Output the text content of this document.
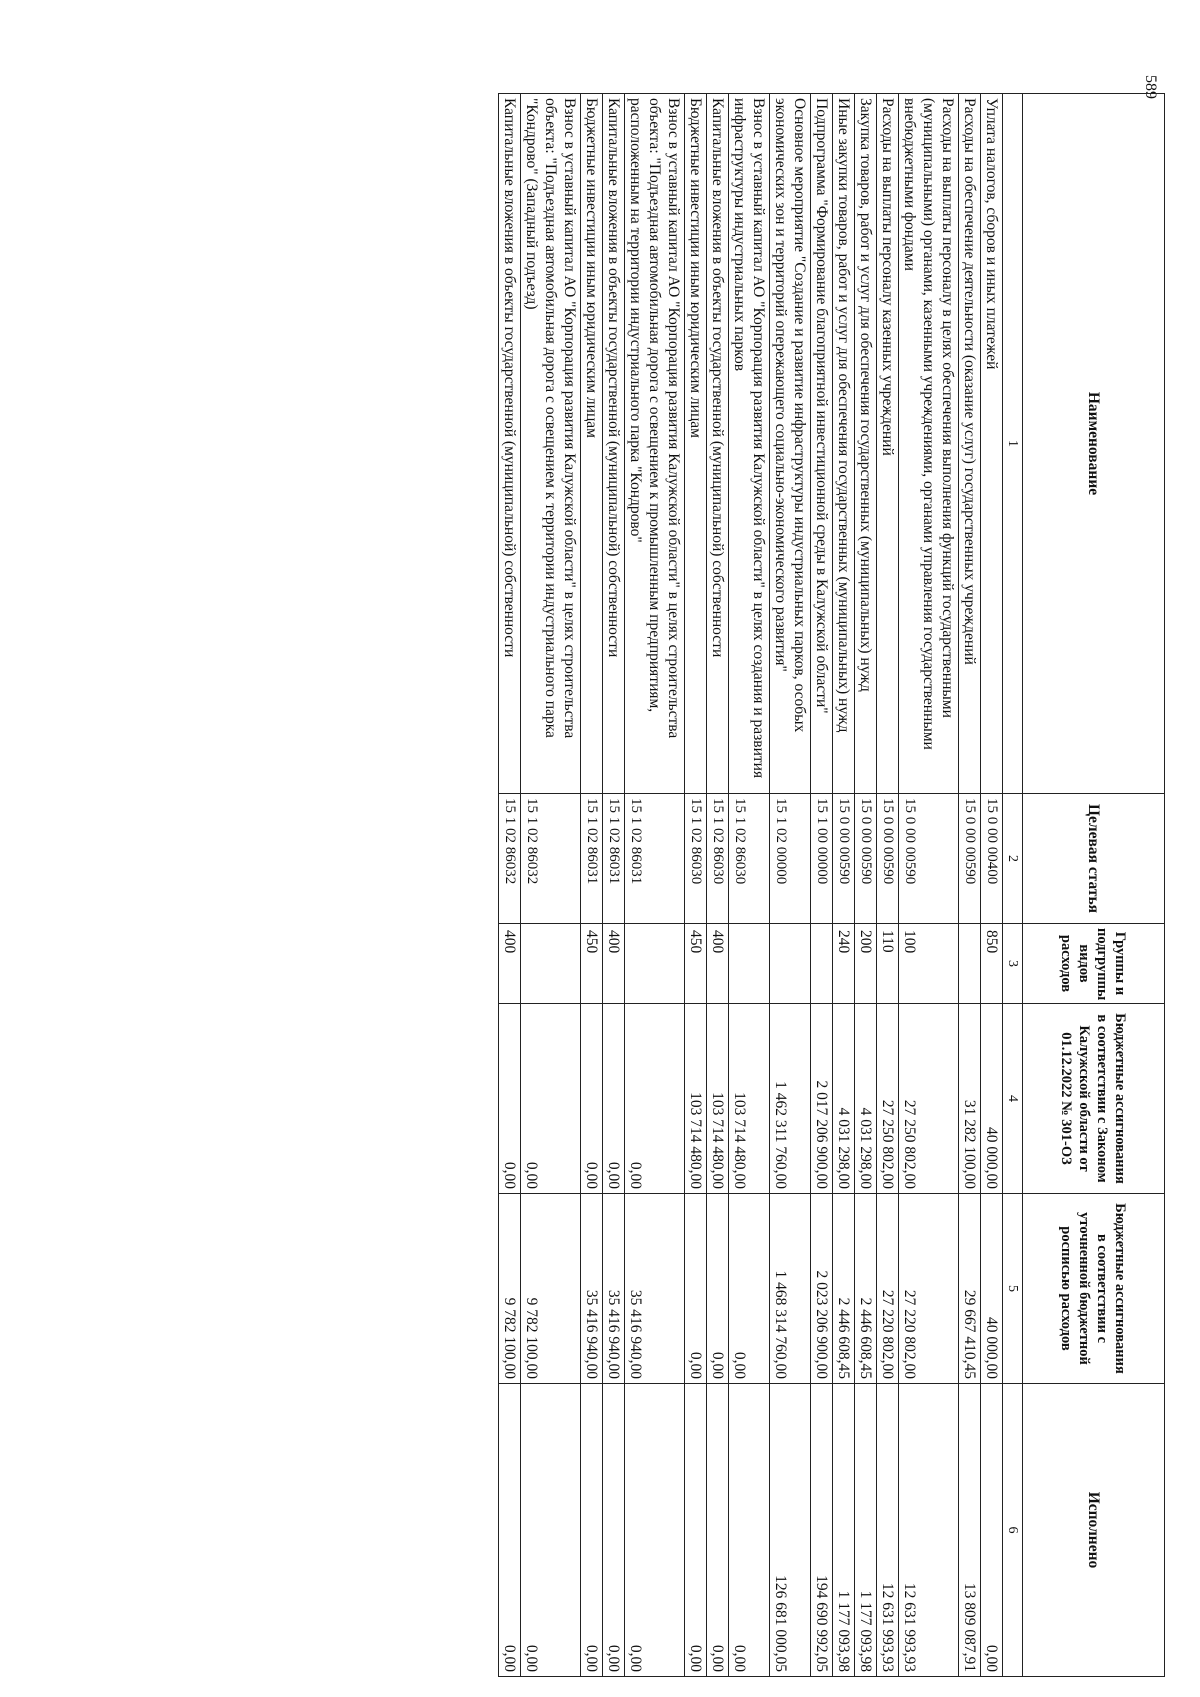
589
Наименование	Целевая статья	Группы и подгруппы видов расходов	Бюджетные ассигнования в соответствии с Законом Калужской области от 01.12.2022 № 301-ОЗ	Бюджетные ассигнования в соответствии с уточненной бюджетной росписью расходов	Исполнено
1	2	3	4	5	6
Уплата налогов, сборов и иных платежей	15 0 00 00400	850	40 000,00	40 000,00	0,00
Расходы на обеспечение деятельности (оказание услуг) государственных учреждений	15 0 00 00590		31 282 100,00	29 667 410,45	13 809 087,91
Расходы на выплаты персоналу в целях обеспечения выполнения функций государственными (муниципальными) органами, казенными учреждениями, органами управления государственными внебюджетными фондами	15 0 00 00590	100	27 250 802,00	27 220 802,00	12 631 993,93
Расходы на выплаты персоналу казенных учреждений	15 0 00 00590	110	27 250 802,00	27 220 802,00	12 631 993,93
Закупка товаров, работ и услуг для обеспечения государственных (муниципальных) нужд	15 0 00 00590	200	4 031 298,00	2 446 608,45	1 177 093,98
Иные закупки товаров, работ и услуг для обеспечения государственных (муниципальных) нужд	15 0 00 00590	240	4 031 298,00	2 446 608,45	1 177 093,98
Подпрограмма "Формирование благоприятной инвестиционной среды в Калужской области"	15 1 00 00000		2 017 206 900,00	2 023 206 900,00	194 690 992,05
Основное мероприятие "Создание и развитие инфраструктуры индустриальных парков, особых экономических зон и территорий опережающего социально-экономического развития"	15 1 02 00000		1 462 311 760,00	1 468 314 760,00	126 681 000,05
Взнос в уставный капитал АО "Корпорация развития Калужской области" в целях создания и развития инфраструктуры индустриальных парков	15 1 02 86030		103 714 480,00	0,00	0,00
Капитальные вложения в объекты государственной (муниципальной) собственности	15 1 02 86030	400	103 714 480,00	0,00	0,00
Бюджетные инвестиции иным юридическим лицам	15 1 02 86030	450	103 714 480,00	0,00	0,00
Взнос в уставный капитал АО "Корпорация развития Калужской области" в целях строительства объекта: "Подъездная автомобильная дорога с освещением к промышленным предприятиям, расположенным на территории индустриального парка "Кондрово"	15 1 02 86031		0,00	35 416 940,00	0,00
Капитальные вложения в объекты государственной (муниципальной) собственности	15 1 02 86031	400	0,00	35 416 940,00	0,00
Бюджетные инвестиции иным юридическим лицам	15 1 02 86031	450	0,00	35 416 940,00	0,00
Взнос в уставный капитал АО "Корпорация развития Калужской области" в целях строительства объекта: "Подъездная автомобильная дорога с освещением к территории индустриального парка "Кондрово" (Западный подъезд)	15 1 02 86032		0,00	9 782 100,00	0,00
Капитальные вложения в объекты государственной (муниципальной) собственности	15 1 02 86032	400	0,00	9 782 100,00	0,00
